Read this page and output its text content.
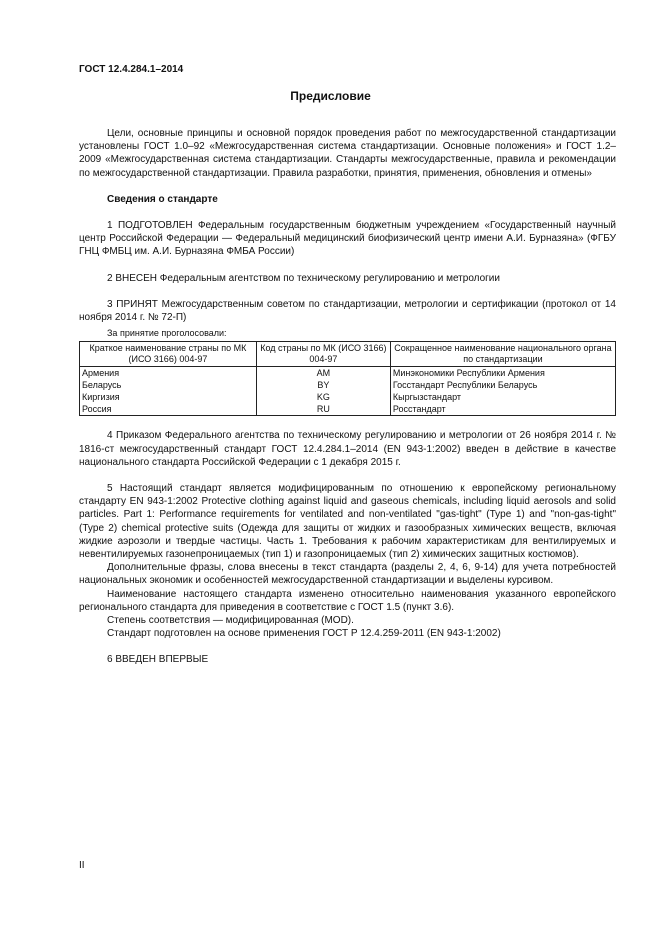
ГОСТ 12.4.284.1–2014
Предисловие

Цели, основные принципы и основной порядок проведения работ по межгосударственной стандартизации установлены ГОСТ 1.0–92 «Межгосударственная система стандартизации. Основные положения» и ГОСТ 1.2–2009 «Межгосударственная система стандартизации. Стандарты межгосударственные, правила и рекомендации по межгосударственной стандартизации. Правила разработки, принятия, применения, обновления и отмены»

Сведения о стандарте

1 ПОДГОТОВЛЕН Федеральным государственным бюджетным учреждением «Государственный научный центр Российской Федерации — Федеральный медицинский биофизический центр имени А.И. Бурназяна» (ФГБУ ГНЦ ФМБЦ им. А.И. Бурназяна ФМБА России)

2 ВНЕСЕН Федеральным агентством по техническому регулированию и метрологии

3 ПРИНЯТ Межгосударственным советом по стандартизации, метрологии и сертификации (протокол от 14 ноября 2014 г. № 72-П)

За принятие проголосовали:
Краткое наименование страны по МК (ИСО 3166) 004-97	Код страны по МК (ИСО 3166) 004-97	Сокращенное наименование национального органа по стандартизации
Армения	AM	Минэкономики Республики Армения
Беларусь	BY	Госстандарт Республики Беларусь
Киргизия	KG	Кыргызстандарт
Россия	RU	Росстандарт

4 Приказом Федерального агентства по техническому регулированию и метрологии от 26 ноября 2014 г. № 1816-ст межгосударственный стандарт ГОСТ 12.4.284.1–2014 (EN 943-1:2002) введен в действие в качестве национального стандарта Российской Федерации с 1 декабря 2015 г.

5 Настоящий стандарт является модифицированным по отношению к европейскому региональному стандарту EN 943-1:2002 Protective clothing against liquid and gaseous chemicals, including liquid aerosols and solid particles. Part 1: Performance requirements for ventilated and non-ventilated "gas-tight" (Type 1) and "non-gas-tight" (Type 2) chemical protective suits (Одежда для защиты от жидких и газообразных химических веществ, включая жидкие аэрозоли и твердые частицы. Часть 1. Требования к рабочим характеристикам для вентилируемых и невентилируемых газонепроницаемых (тип 1) и газопроницаемых (тип 2) химических защитных костюмов).

Дополнительные фразы, слова внесены в текст стандарта (разделы 2, 4, 6, 9-14) для учета потребностей национальных экономик и особенностей межгосударственной стандартизации и выделены курсивом.

Наименование настоящего стандарта изменено относительно наименования указанного европейского регионального стандарта для приведения в соответствие с ГОСТ 1.5 (пункт 3.6).

Степень соответствия — модифицированная (MOD).

Стандарт подготовлен на основе применения ГОСТ Р 12.4.259-2011 (EN 943-1:2002)

6 ВВЕДЕН ВПЕРВЫЕ

II
